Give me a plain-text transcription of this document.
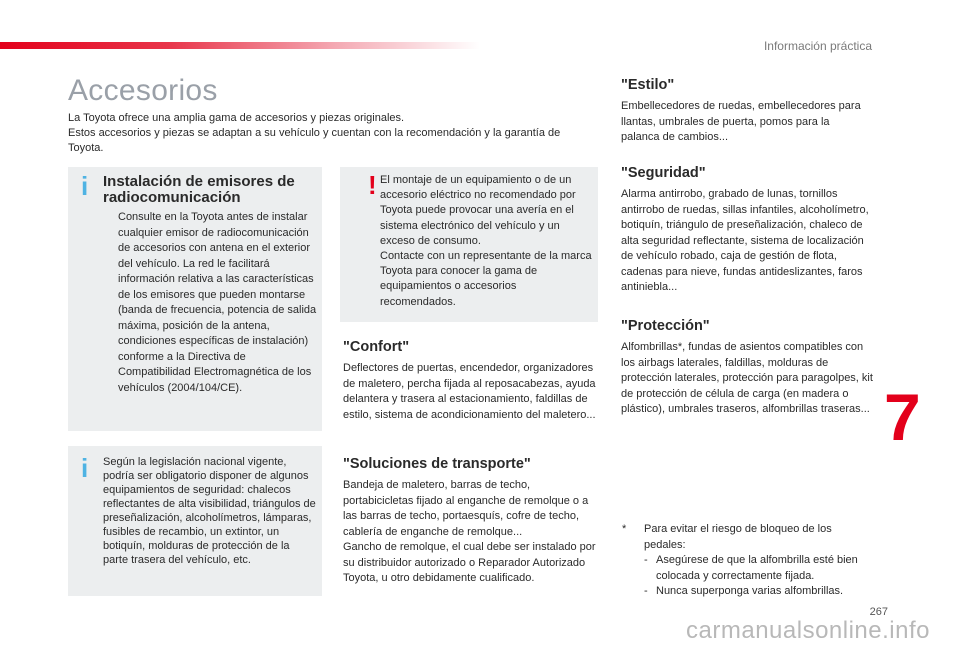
Información práctica
Accesorios
La Toyota ofrece una amplia gama de accesorios y piezas originales.
Estos accesorios y piezas se adaptan a su vehículo y cuentan con la recomendación y la garantía de Toyota.
i Instalación de emisores de radiocomunicación
Consulte en la Toyota antes de instalar cualquier emisor de radiocomunicación de accesorios con antena en el exterior del vehículo. La red le facilitará información relativa a las características de los emisores que pueden montarse (banda de frecuencia, potencia de salida máxima, posición de la antena, condiciones específicas de instalación) conforme a la Directiva de Compatibilidad Electromagnética de los vehículos (2004/104/CE).
! El montaje de un equipamiento o de un accesorio eléctrico no recomendado por Toyota puede provocar una avería en el sistema electrónico del vehículo y un exceso de consumo.
Contacte con un representante de la marca Toyota para conocer la gama de equipamientos o accesorios recomendados.
i Según la legislación nacional vigente, podría ser obligatorio disponer de algunos equipamientos de seguridad: chalecos reflectantes de alta visibilidad, triángulos de preseñalización, alcoholímetros, lámparas, fusibles de recambio, un extintor, un botiquín, molduras de protección de la parte trasera del vehículo, etc.
"Confort"
Deflectores de puertas, encendedor, organizadores de maletero, percha fijada al reposacabezas, ayuda delantera y trasera al estacionamiento, faldillas de estilo, sistema de acondicionamiento del maletero...
"Soluciones de transporte"
Bandeja de maletero, barras de techo, portabicicletas fijado al enganche de remolque o a las barras de techo, portaesquís, cofre de techo, cablería de enganche de remolque...
Gancho de remolque, el cual debe ser instalado por su distribuidor autorizado o Reparador Autorizado Toyota, u otro debidamente cualificado.
"Estilo"
Embellecedores de ruedas, embellecedores para llantas, umbrales de puerta, pomos para la palanca de cambios...
"Seguridad"
Alarma antirrobo, grabado de lunas, tornillos antirrobo de ruedas, sillas infantiles, alcoholímetro, botiquín, triángulo de preseñalización, chaleco de alta seguridad reflectante, sistema de localización de vehículo robado, caja de gestión de flota, cadenas para nieve, fundas antideslizantes, faros antiniebla...
"Protección"
Alfombrillas*, fundas de asientos compatibles con los airbags laterales, faldillas, molduras de protección laterales, protección para paragolpes, kit de protección de célula de carga (en madera o plástico), umbrales traseros, alfombrillas traseras... 7
*	Para evitar el riesgo de bloqueo de los pedales:
- Asegúrese de que la alfombrilla esté bien colocada y correctamente fijada.
- Nunca superponga varias alfombrillas.
267
carmanualsonline.info
